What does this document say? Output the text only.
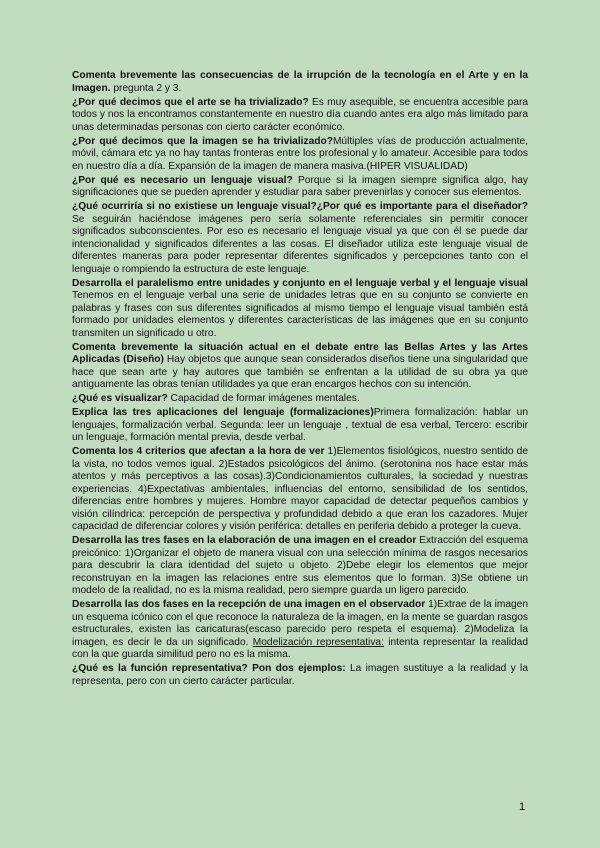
Comenta brevemente las consecuencias de la irrupción de la tecnología en el Arte y en la Imagen. pregunta 2 y 3.

¿Por qué decimos que el arte se ha trivializado? Es muy asequible, se encuentra accesible para todos y nos la encontramos constantemente en nuestro día cuando antes era algo más limitado para unas determinadas personas con cierto carácter económico.

¿Por qué decimos que la imagen se ha trivializado?Múltiples vías de producción actualmente, móvil, cámara etc ya no hay tantas fronteras entre los profesional y lo amateur. Accesible para todos en nuestro día a día. Expansión de la imagen de manera masiva.(HIPER VISUALIDAD)

¿Por qué es necesario un lenguaje visual? Porque si la imagen siempre significa algo, hay significaciones que se pueden aprender y estudiar para saber prevenirlas y conocer sus elementos.

¿Qué ocurriría si no existiese un lenguaje visual?¿Por qué es importante para el diseñador? Se seguirán haciéndose imágenes pero sería solamente referenciales sin permitir conocer significados subconscientes. Por eso es necesario el lenguaje visual ya que con él se puede dar intencionalidad y significados diferentes a las cosas. El diseñador utiliza este lenguaje visual de diferentes maneras para poder representar diferentes significados y percepciones tanto con el lenguaje o rompiendo la estructura de este lenguaje.

Desarrolla el paralelismo entre unidades y conjunto en el lenguaje verbal y el lenguaje visual Tenemos en el lenguaje verbal una serie de unidades letras que en su conjunto se convierte en palabras y frases con sus diferentes significados al mismo tiempo el lenguaje visual también está formado por unidades elementos y diferentes características de las imágenes que en su conjunto transmiten un significado u otro.

Comenta brevemente la situación actual en el debate entre las Bellas Artes y las Artes Aplicadas (Diseño) Hay objetos que aunque sean considerados diseños tiene una singularidad que hace que sean arte y hay autores que también se enfrentan a la utilidad de su obra ya que antiguamente las obras tenían utilidades ya que eran encargos hechos con su intención.

¿Qué es visualizar? Capacidad de formar imágenes mentales.

Explica las tres aplicaciones del lenguaje (formalizaciones)Primera formalización: hablar un lenguajes, formalización verbal. Segunda: leer un lenguaje , textual de esa verbal, Tercero: escribir un lenguaje, formación mental previa, desde verbal.

Comenta los 4 criterios que afectan a la hora de ver 1)Elementos fisiológicos, nuestro sentido de la vista, no todos vemos igual. 2)Estados psicológicos del ánimo. (serotonina nos hace estar más atentos y más perceptivos a las cosas).3)Condicionamientos culturales, la sociedad y nuestras experiencias. 4)Expectativas ambientales, influencias del entorno, sensibilidad de los sentidos, diferencias entre hombres y mujeres. Hombre mayor capacidad de detectar pequeños cambios y visión cilíndrica: percepción de perspectiva y profundidad debido a que eran los cazadores. Mujer capacidad de diferenciar colores y visión periférica: detalles en periferia debido a proteger la cueva.

Desarrolla las tres fases en la elaboración de una imagen en el creador Extracción del esquema preicónico: 1)Organizar el objeto de manera visual con una selección mínima de rasgos necesarios para descubrir la clara identidad del sujeto u objeto. 2)Debe elegir los elementos que mejor reconstruyan en la imagen las relaciones entre sus elementos que lo forman. 3)Se obtiene un modelo de la realidad, no es la misma realidad, pero siempre guarda un ligero parecido.

Desarrolla las dos fases en la recepción de una imagen en el observador 1)Extrae de la imagen un esquema icónico con el que reconoce la naturaleza de la imagen, en la mente se guardan rasgos estructurales, existen las caricaturas(escaso parecido pero respeta el esquema). 2)Modeliza la imagen, es decir le da un significado. Modelización representativa: intenta representar la realidad con la que guarda similitud pero no es la misma.

¿Qué es la función representativa? Pon dos ejemplos: La imagen sustituye a la realidad y la representa, pero con un cierto carácter particular.

1
